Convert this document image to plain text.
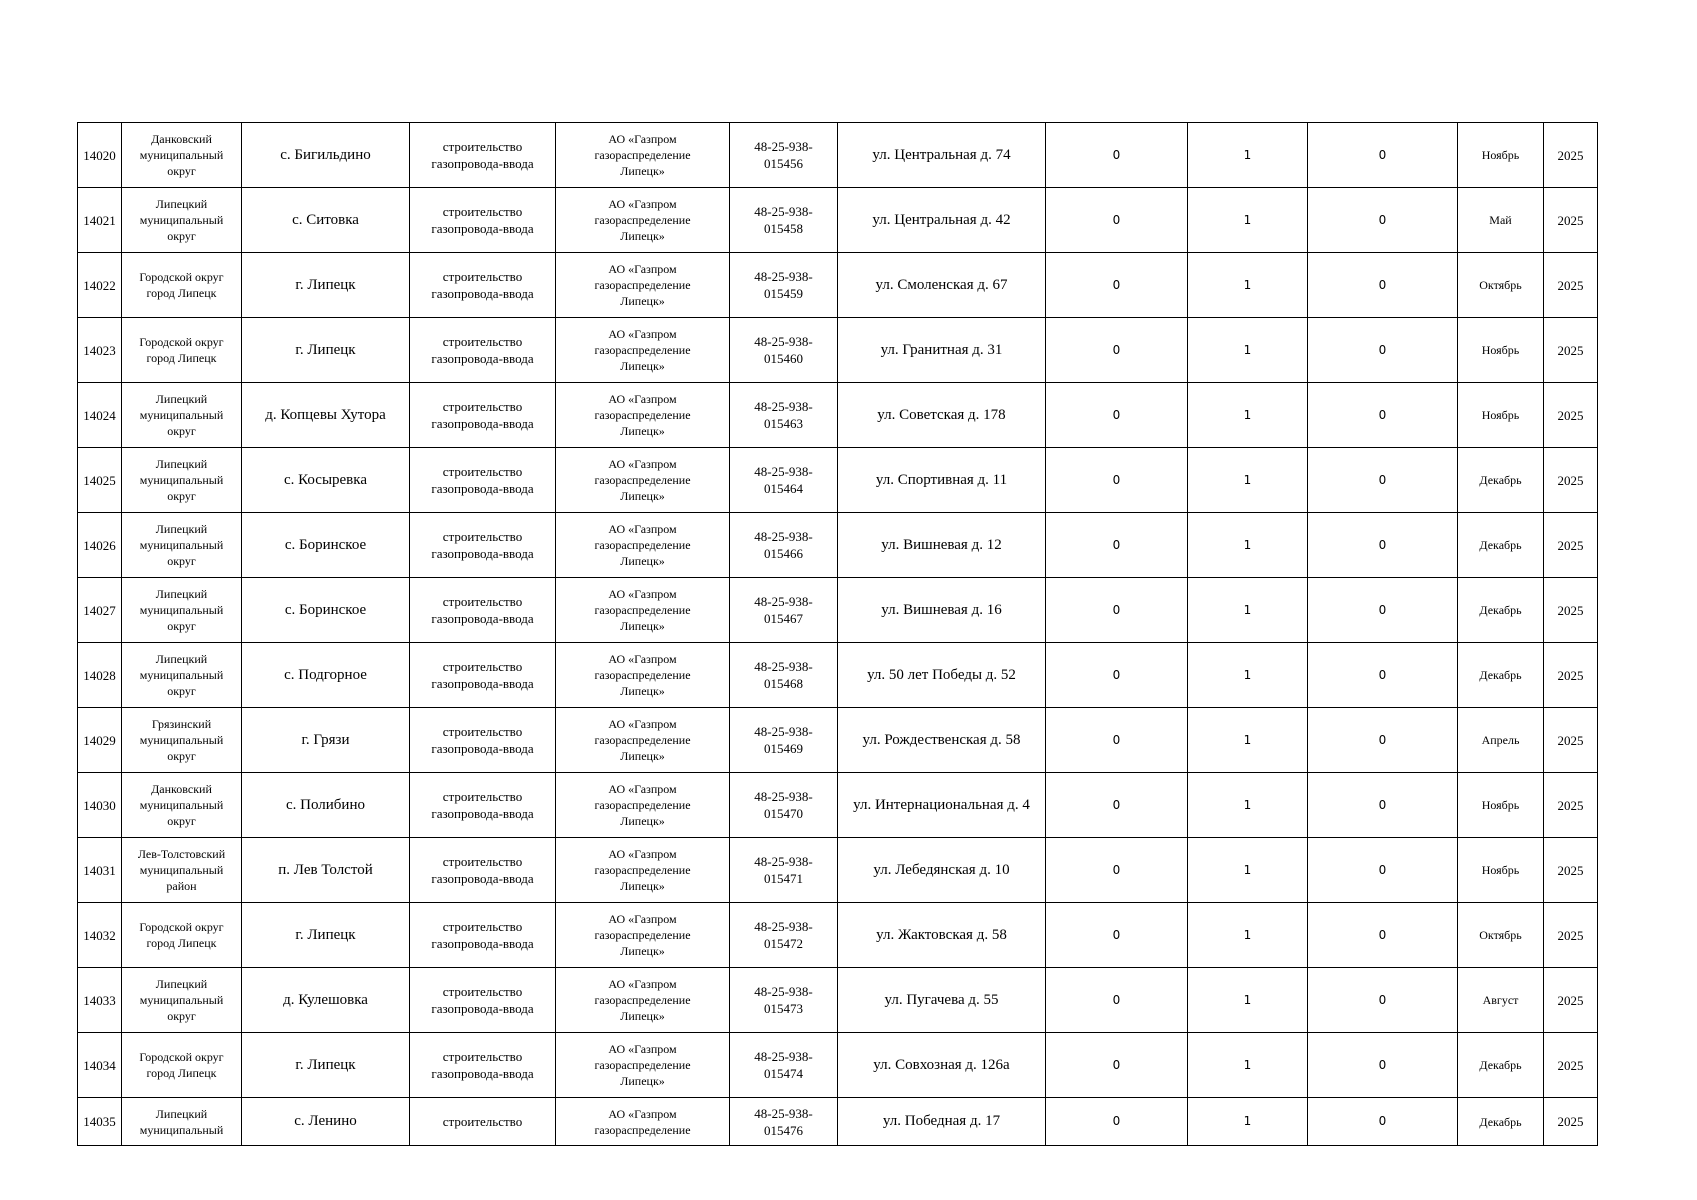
14020	Данковский
муниципальный
округ	с. Бигильдино	строительство
газопровода-ввода	АО «Газпром
газораспределение
Липецк»	48-25-938-
015456	ул. Центральная д. 74	0	1	0	Ноябрь	2025
14021	Липецкий
муниципальный
округ	с. Ситовка	строительство
газопровода-ввода	АО «Газпром
газораспределение
Липецк»	48-25-938-
015458	ул. Центральная д. 42	0	1	0	Май	2025
14022	Городской округ
город Липецк	г. Липецк	строительство
газопровода-ввода	АО «Газпром
газораспределение
Липецк»	48-25-938-
015459	ул. Смоленская д. 67	0	1	0	Октябрь	2025
14023	Городской округ
город Липецк	г. Липецк	строительство
газопровода-ввода	АО «Газпром
газораспределение
Липецк»	48-25-938-
015460	ул. Гранитная д. 31	0	1	0	Ноябрь	2025
14024	Липецкий
муниципальный
округ	д. Копцевы Хутора	строительство
газопровода-ввода	АО «Газпром
газораспределение
Липецк»	48-25-938-
015463	ул. Советская д. 178	0	1	0	Ноябрь	2025
14025	Липецкий
муниципальный
округ	с. Косыревка	строительство
газопровода-ввода	АО «Газпром
газораспределение
Липецк»	48-25-938-
015464	ул. Спортивная д. 11	0	1	0	Декабрь	2025
14026	Липецкий
муниципальный
округ	с. Боринское	строительство
газопровода-ввода	АО «Газпром
газораспределение
Липецк»	48-25-938-
015466	ул. Вишневая д. 12	0	1	0	Декабрь	2025
14027	Липецкий
муниципальный
округ	с. Боринское	строительство
газопровода-ввода	АО «Газпром
газораспределение
Липецк»	48-25-938-
015467	ул. Вишневая д. 16	0	1	0	Декабрь	2025
14028	Липецкий
муниципальный
округ	с. Подгорное	строительство
газопровода-ввода	АО «Газпром
газораспределение
Липецк»	48-25-938-
015468	ул. 50 лет Победы д. 52	0	1	0	Декабрь	2025
14029	Грязинский
муниципальный
округ	г. Грязи	строительство
газопровода-ввода	АО «Газпром
газораспределение
Липецк»	48-25-938-
015469	ул. Рождественская д. 58	0	1	0	Апрель	2025
14030	Данковский
муниципальный
округ	с. Полибино	строительство
газопровода-ввода	АО «Газпром
газораспределение
Липецк»	48-25-938-
015470	ул. Интернациональная д. 4	0	1	0	Ноябрь	2025
14031	Лев-Толстовский
муниципальный
район	п. Лев Толстой	строительство
газопровода-ввода	АО «Газпром
газораспределение
Липецк»	48-25-938-
015471	ул. Лебедянская д. 10	0	1	0	Ноябрь	2025
14032	Городской округ
город Липецк	г. Липецк	строительство
газопровода-ввода	АО «Газпром
газораспределение
Липецк»	48-25-938-
015472	ул. Жактовская д. 58	0	1	0	Октябрь	2025
14033	Липецкий
муниципальный
округ	д. Кулешовка	строительство
газопровода-ввода	АО «Газпром
газораспределение
Липецк»	48-25-938-
015473	ул. Пугачева д. 55	0	1	0	Август	2025
14034	Городской округ
город Липецк	г. Липецк	строительство
газопровода-ввода	АО «Газпром
газораспределение
Липецк»	48-25-938-
015474	ул. Совхозная д. 126а	0	1	0	Декабрь	2025
14035	Липецкий
муниципальный	с. Ленино	строительство	АО «Газпром
газораспределение	48-25-938-
015476	ул. Победная д. 17	0	1	0	Декабрь	2025
